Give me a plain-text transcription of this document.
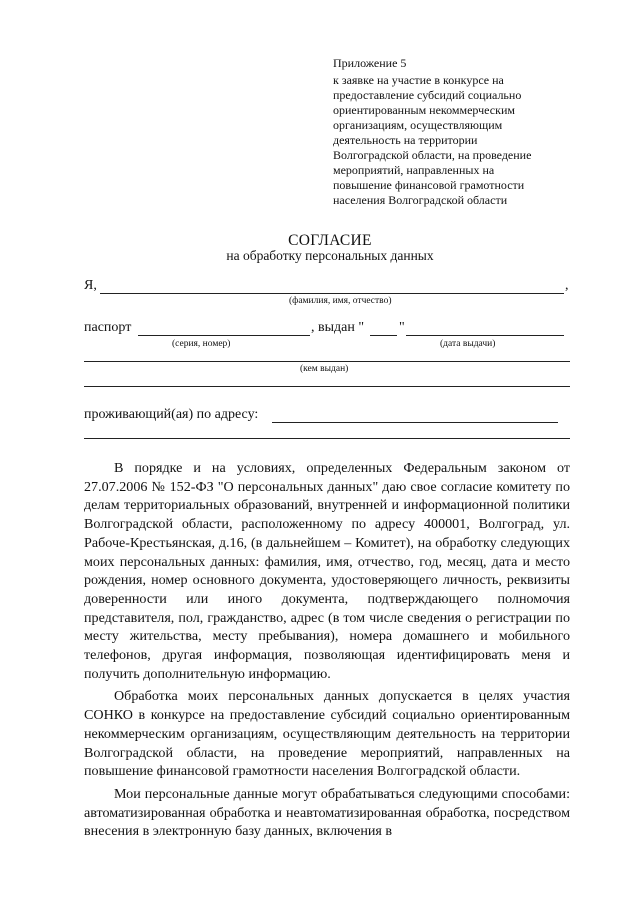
Приложение 5
к заявке на участие в конкурсе на
предоставление субсидий социально
ориентированным некоммерческим
организациям, осуществляющим
деятельность на территории
Волгоградской области, на проведение
мероприятий, направленных на
повышение финансовой грамотности
населения Волгоградской области
СОГЛАСИЕ
на обработку персональных данных
Я,	,
(фамилия, имя, отчество)
паспорт	, выдан " "
(серия, номер)	(дата выдачи)
(кем выдан)
проживающий(ая) по адресу:

В порядке и на условиях, определенных Федеральным законом от 27.07.2006 № 152-ФЗ "О персональных данных" даю свое согласие комитету по делам территориальных образований, внутренней и информационной политики Волгоградской области, расположенному по адресу 400001, Волгоград, ул. Рабоче-Крестьянская, д.16, (в дальнейшем – Комитет), на обработку следующих моих персональных данных: фамилия, имя, отчество, год, месяц, дата и место рождения, номер основного документа, удостоверяющего личность, реквизиты доверенности или иного документа, подтверждающего полномочия представителя, пол, гражданство, адрес (в том числе сведения о регистрации по месту жительства, месту пребывания), номера домашнего и мобильного телефонов, другая информация, позволяющая идентифицировать меня и получить дополнительную информацию.

Обработка моих персональных данных допускается в целях участия СОНКО в конкурсе на предоставление субсидий социально ориентированным некоммерческим организациям, осуществляющим деятельность на территории Волгоградской области, на проведение мероприятий, направленных на повышение финансовой грамотности населения Волгоградской области.

Мои персональные данные могут обрабатываться следующими способами: автоматизированная обработка и неавтоматизированная обработка, посредством внесения в электронную базу данных, включения в
